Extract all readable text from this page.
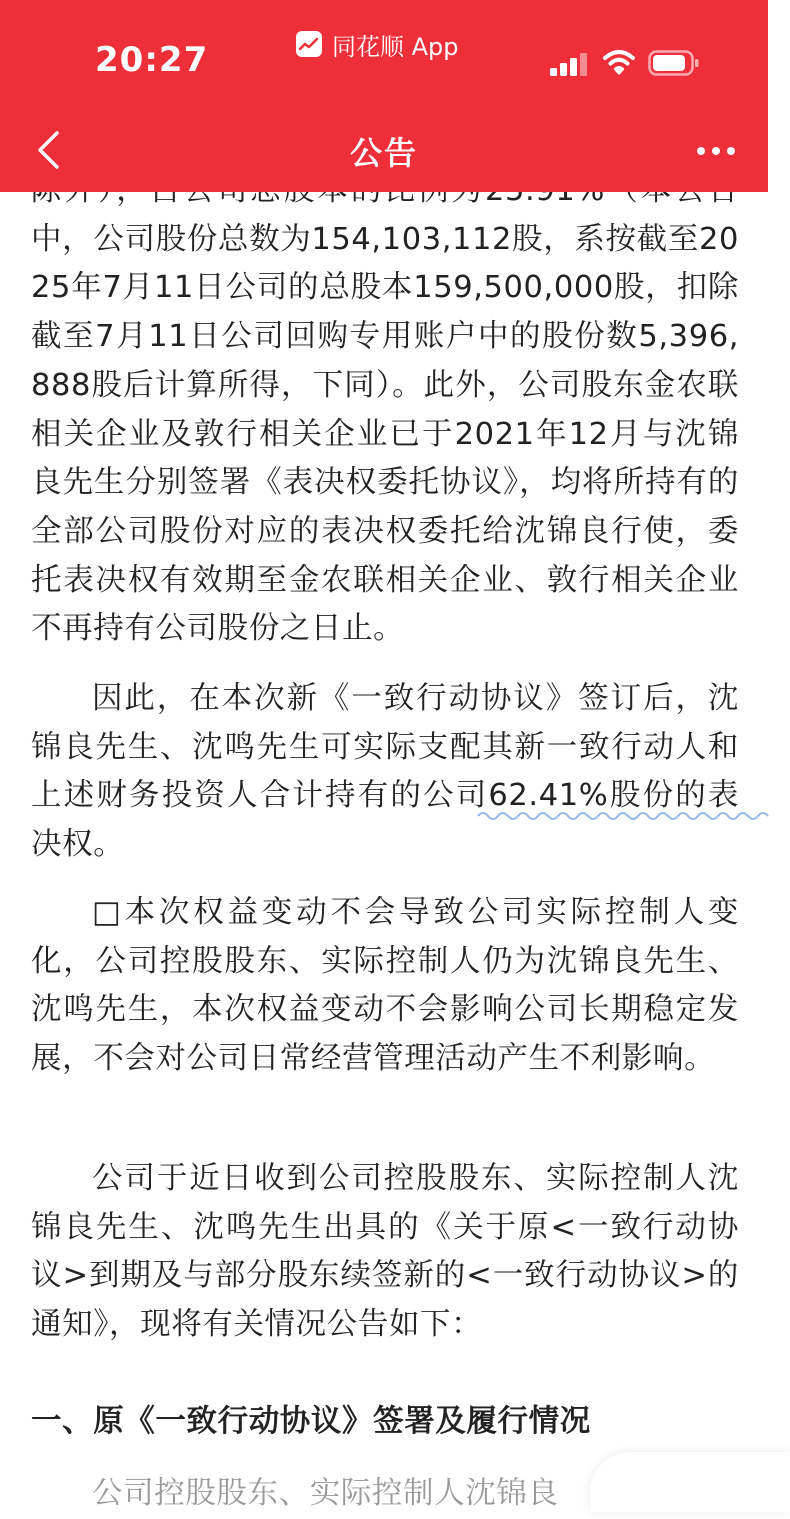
中，公司股份总数为154,103,112股，系按截至2025年7月11日公司的总股本159,500,000股，扣除截至7月11日公司回购专用账户中的股份数5,396,888股后计算所得，下同）。此外，公司股东金农联相关企业及敦行相关企业已于2021年12月与沈锦良先生分别签署《表决权委托协议》，均将所持有的全部公司股份对应的表决权委托给沈锦良行使，委托表决权有效期至金农联相关企业、敦行相关企业不再持有公司股份之日止。

因此，在本次新《一致行动协议》签订后，沈锦良先生、沈鸣先生可实际支配其新一致行动人和上述财务投资人合计持有的公司62.41%股份的表决权。

□本次权益变动不会导致公司实际控制人变化，公司控股股东、实际控制人仍为沈锦良先生、沈鸣先生，本次权益变动不会影响公司长期稳定发展，不会对公司日常经营管理活动产生不利影响。

公司于近日收到公司控股股东、实际控制人沈锦良先生、沈鸣先生出具的《关于原<一致行动协议>到期及与部分股东续签新的<一致行动协议>的通知》，现将有关情况公告如下：

一、原《一致行动协议》签署及履行情况

公司控股股东、实际控制人沈锦良

20:27	同花顺 App
公告
